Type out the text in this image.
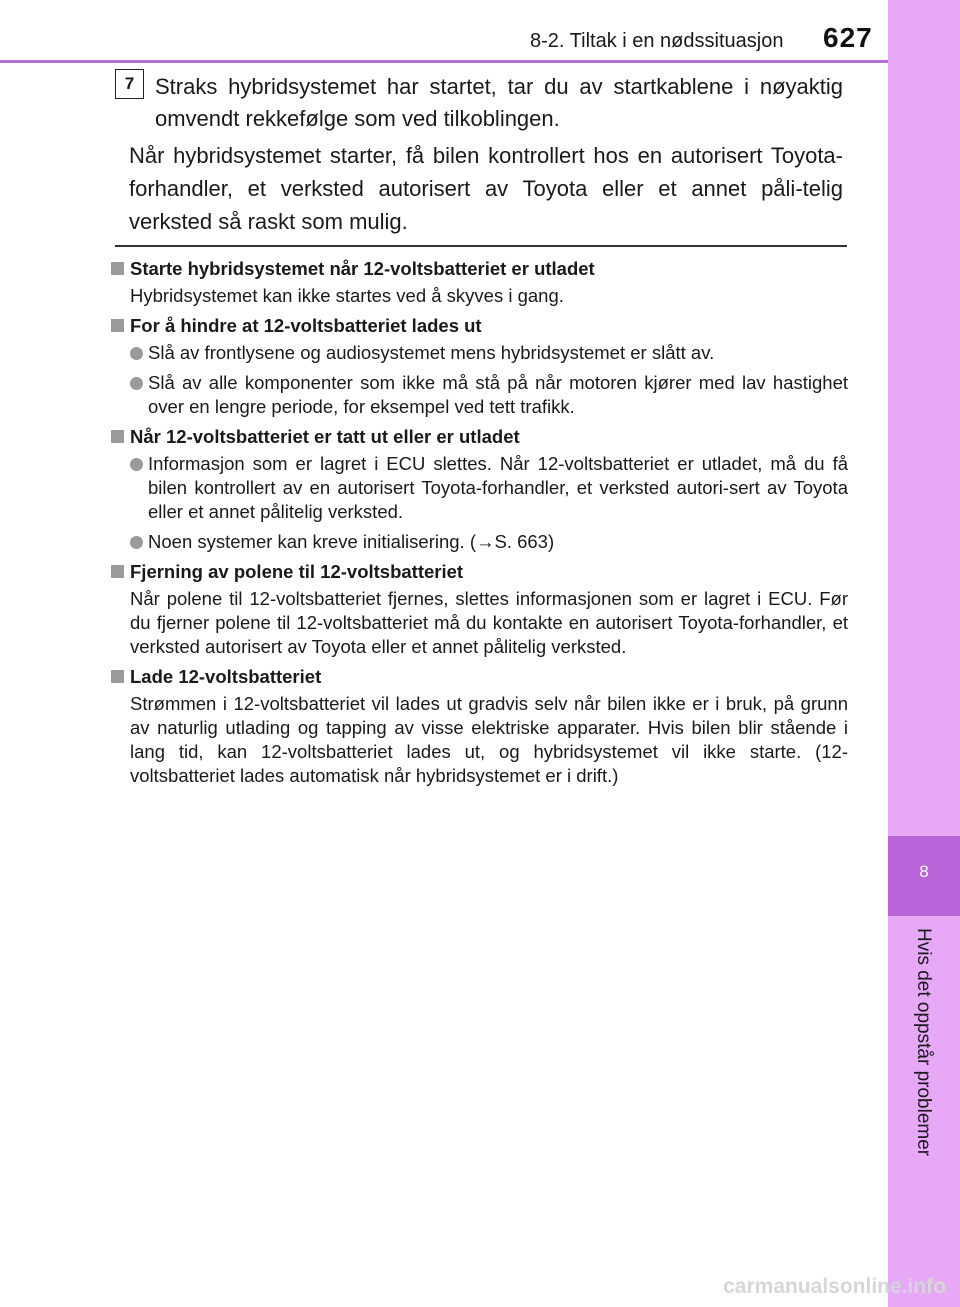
8-2. Tiltak i en nødssituasjon 627
8
Hvis det oppstår problemer
7 Straks hybridsystemet har startet, tar du av startkablene i nøyaktig omvendt rekkefølge som ved tilkoblingen.
Når hybridsystemet starter, få bilen kontrollert hos en autorisert Toyota-forhandler, et verksted autorisert av Toyota eller et annet påli-telig verksted så raskt som mulig.
Starte hybridsystemet når 12-voltsbatteriet er utladet
Hybridsystemet kan ikke startes ved å skyves i gang.
For å hindre at 12-voltsbatteriet lades ut
Slå av frontlysene og audiosystemet mens hybridsystemet er slått av.
Slå av alle komponenter som ikke må stå på når motoren kjører med lav hastighet over en lengre periode, for eksempel ved tett trafikk.
Når 12-voltsbatteriet er tatt ut eller er utladet
Informasjon som er lagret i ECU slettes. Når 12-voltsbatteriet er utladet, må du få bilen kontrollert av en autorisert Toyota-forhandler, et verksted autori-sert av Toyota eller et annet pålitelig verksted.
Noen systemer kan kreve initialisering. (→S. 663)
Fjerning av polene til 12-voltsbatteriet
Når polene til 12-voltsbatteriet fjernes, slettes informasjonen som er lagret i ECU. Før du fjerner polene til 12-voltsbatteriet må du kontakte en autorisert Toyota-forhandler, et verksted autorisert av Toyota eller et annet pålitelig verksted.
Lade 12-voltsbatteriet
Strømmen i 12-voltsbatteriet vil lades ut gradvis selv når bilen ikke er i bruk, på grunn av naturlig utlading og tapping av visse elektriske apparater. Hvis bilen blir stående i lang tid, kan 12-voltsbatteriet lades ut, og hybridsystemet vil ikke starte. (12-voltsbatteriet lades automatisk når hybridsystemet er i drift.)
carmanualsonline.info
